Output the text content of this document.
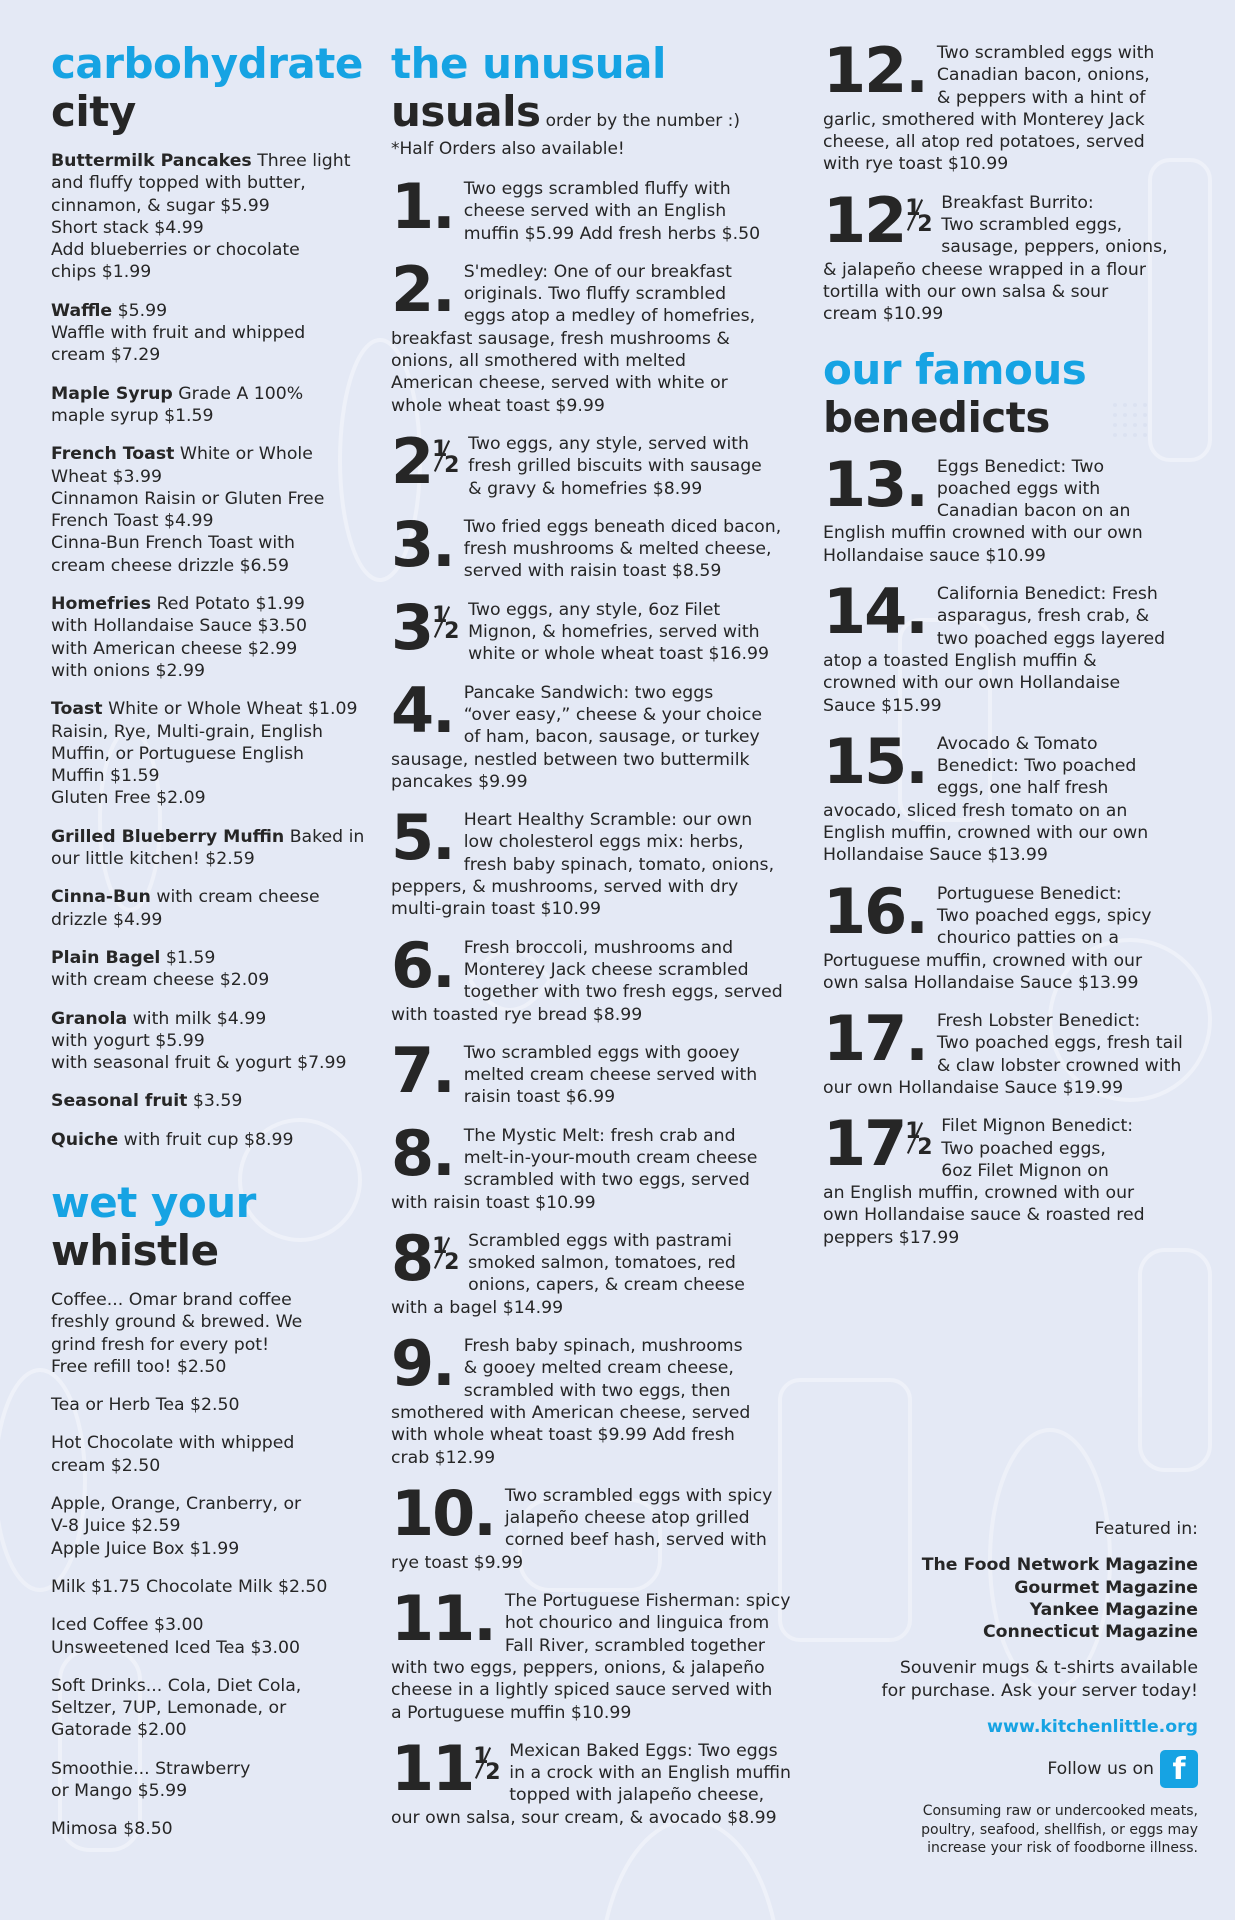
carbohydrate
city
Buttermilk Pancakes Three light
and fluffy topped with butter,
cinnamon, & sugar $5.99
Short stack $4.99
Add blueberries or chocolate
chips $1.99
Waffle $5.99
Waffle with fruit and whipped
cream $7.29
Maple Syrup Grade A 100%
maple syrup $1.59
French Toast White or Whole
Wheat $3.99
Cinnamon Raisin or Gluten Free
French Toast $4.99
Cinna-Bun French Toast with
cream cheese drizzle $6.59
Homefries Red Potato $1.99
with Hollandaise Sauce $3.50
with American cheese $2.99
with onions $2.99
Toast White or Whole Wheat $1.09
Raisin, Rye, Multi-grain, English
Muffin, or Portuguese English
Muffin $1.59
Gluten Free $2.09
Grilled Blueberry Muffin Baked in
our little kitchen! $2.59
Cinna-Bun with cream cheese
drizzle $4.99
Plain Bagel $1.59
with cream cheese $2.09
Granola with milk $4.99
with yogurt $5.99
with seasonal fruit & yogurt $7.99
Seasonal fruit $3.59
Quiche with fruit cup $8.99
wet your
whistle
Coffee... Omar brand coffee
freshly ground & brewed. We
grind fresh for every pot!
Free refill too! $2.50
Tea or Herb Tea $2.50
Hot Chocolate with whipped
cream $2.50
Apple, Orange, Cranberry, or
V-8 Juice $2.59
Apple Juice Box $1.99
Milk $1.75 Chocolate Milk $2.50
Iced Coffee $3.00
Unsweetened Iced Tea $3.00
Soft Drinks... Cola, Diet Cola,
Seltzer, 7UP, Lemonade, or
Gatorade $2.00
Smoothie... Strawberry
or Mango $5.99
Mimosa $8.50
the unusual
usuals order by the number :)
*Half Orders also available!
1. Two eggs scrambled fluffy with
cheese served with an English
muffin $5.99 Add fresh herbs $.50
2. S'medley: One of our breakfast
originals. Two fluffy scrambled
eggs atop a medley of homefries,
breakfast sausage, fresh mushrooms &
onions, all smothered with melted
American cheese, served with white or
whole wheat toast $9.99
2 1
2
Two eggs, any style, served with
fresh grilled biscuits with sausage
& gravy & homefries $8.99
3. Two fried eggs beneath diced bacon,
fresh mushrooms & melted cheese,
served with raisin toast $8.59
3 1
2
Two eggs, any style, 6oz Filet
Mignon, & homefries, served with
white or whole wheat toast $16.99
4. Pancake Sandwich: two eggs
“over easy,” cheese & your choice
of ham, bacon, sausage, or turkey
sausage, nestled between two buttermilk
pancakes $9.99
5. Heart Healthy Scramble: our own
low cholesterol eggs mix: herbs,
fresh baby spinach, tomato, onions,
peppers, & mushrooms, served with dry
multi-grain toast $10.99
6. Fresh broccoli, mushrooms and
Monterey Jack cheese scrambled
together with two fresh eggs, served
with toasted rye bread $8.99
7. Two scrambled eggs with gooey
melted cream cheese served with
raisin toast $6.99
8. The Mystic Melt: fresh crab and
melt-in-your-mouth cream cheese
scrambled with two eggs, served
with raisin toast $10.99
8 1
2
Scrambled eggs with pastrami
smoked salmon, tomatoes, red
onions, capers, & cream cheese
with a bagel $14.99
9. Fresh baby spinach, mushrooms
& gooey melted cream cheese,
scrambled with two eggs, then
smothered with American cheese, served
with whole wheat toast $9.99 Add fresh
crab $12.99
10. Two scrambled eggs with spicy
jalapeño cheese atop grilled
corned beef hash, served with
rye toast $9.99
11. The Portuguese Fisherman: spicy
hot chourico and linguica from
Fall River, scrambled together
with two eggs, peppers, onions, & jalapeño
cheese in a lightly spiced sauce served with
a Portuguese muffin $10.99
11 1
2
Mexican Baked Eggs: Two eggs
in a crock with an English muffin
topped with jalapeño cheese,
our own salsa, sour cream, & avocado $8.99
12. Two scrambled eggs with
Canadian bacon, onions,
& peppers with a hint of
garlic, smothered with Monterey Jack
cheese, all atop red potatoes, served
with rye toast $10.99
12 1
2
Breakfast Burrito:
Two scrambled eggs,
sausage, peppers, onions,
& jalapeño cheese wrapped in a flour
tortilla with our own salsa & sour
cream $10.99
our famous
benedicts
13. Eggs Benedict: Two
poached eggs with
Canadian bacon on an
English muffin crowned with our own
Hollandaise sauce $10.99
14. California Benedict: Fresh
asparagus, fresh crab, &
two poached eggs layered
atop a toasted English muffin &
crowned with our own Hollandaise
Sauce $15.99
15. Avocado & Tomato
Benedict: Two poached
eggs, one half fresh
avocado, sliced fresh tomato on an
English muffin, crowned with our own
Hollandaise Sauce $13.99
16. Portuguese Benedict:
Two poached eggs, spicy
chourico patties on a
Portuguese muffin, crowned with our
own salsa Hollandaise Sauce $13.99
17. Fresh Lobster Benedict:
Two poached eggs, fresh tail
& claw lobster crowned with
our own Hollandaise Sauce $19.99
17 1
2
Filet Mignon Benedict:
Two poached eggs,
6oz Filet Mignon on
an English muffin, crowned with our
own Hollandaise sauce & roasted red
peppers $17.99
Featured in:
The Food Network Magazine
Gourmet Magazine
Yankee Magazine
Connecticut Magazine
Souvenir mugs & t-shirts available
for purchase. Ask your server today!
www.kitchenlittle.org
Follow us on f
Consuming raw or undercooked meats,
poultry, seafood, shellfish, or eggs may
increase your risk of foodborne illness.
